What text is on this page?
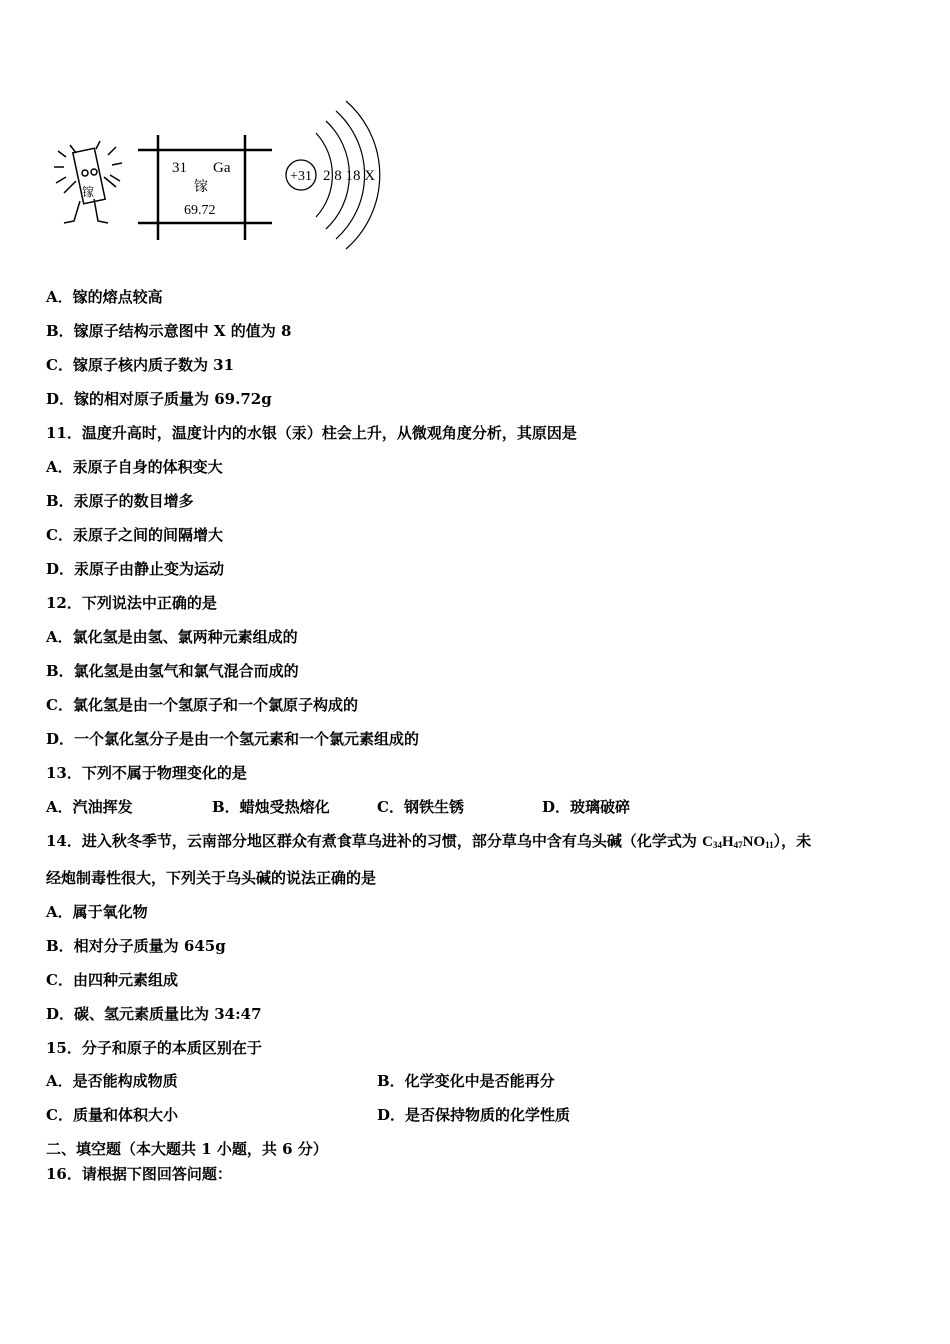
镓
31 Ga
镓
69.72
+31 2 8 18 X
A．镓的熔点较高
B．镓原子结构示意图中 X 的值为 8
C．镓原子核内质子数为 31
D．镓的相对原子质量为 69.72g
11．温度升高时，温度计内的水银（汞）柱会上升，从微观角度分析，其原因是
A．汞原子自身的体积变大
B．汞原子的数目增多
C．汞原子之间的间隔增大
D．汞原子由静止变为运动
12．下列说法中正确的是
A．氯化氢是由氢、氯两种元素组成的
B．氯化氢是由氢气和氯气混合而成的
C．氯化氢是由一个氢原子和一个氯原子构成的
D．一个氯化氢分子是由一个氢元素和一个氯元素组成的
13．下列不属于物理变化的是
A．汽油挥发	B．蜡烛受热熔化	C．钢铁生锈	D．玻璃破碎
14．进入秋冬季节，云南部分地区群众有煮食草乌进补的习惯，部分草乌中含有乌头碱（化学式为 $C_{34}H_{47}NO_{11}$），未
经炮制毒性很大，下列关于乌头碱的说法正确的是
A．属于氧化物
B．相对分子质量为 645g
C．由四种元素组成
D．碳、氢元素质量比为 34:47
15．分子和原子的本质区别在于
A．是否能构成物质	B．化学变化中是否能再分
C．质量和体积大小	D．是否保持物质的化学性质
二、填空题（本大题共 1 小题，共 6 分）
16．请根据下图回答问题：
